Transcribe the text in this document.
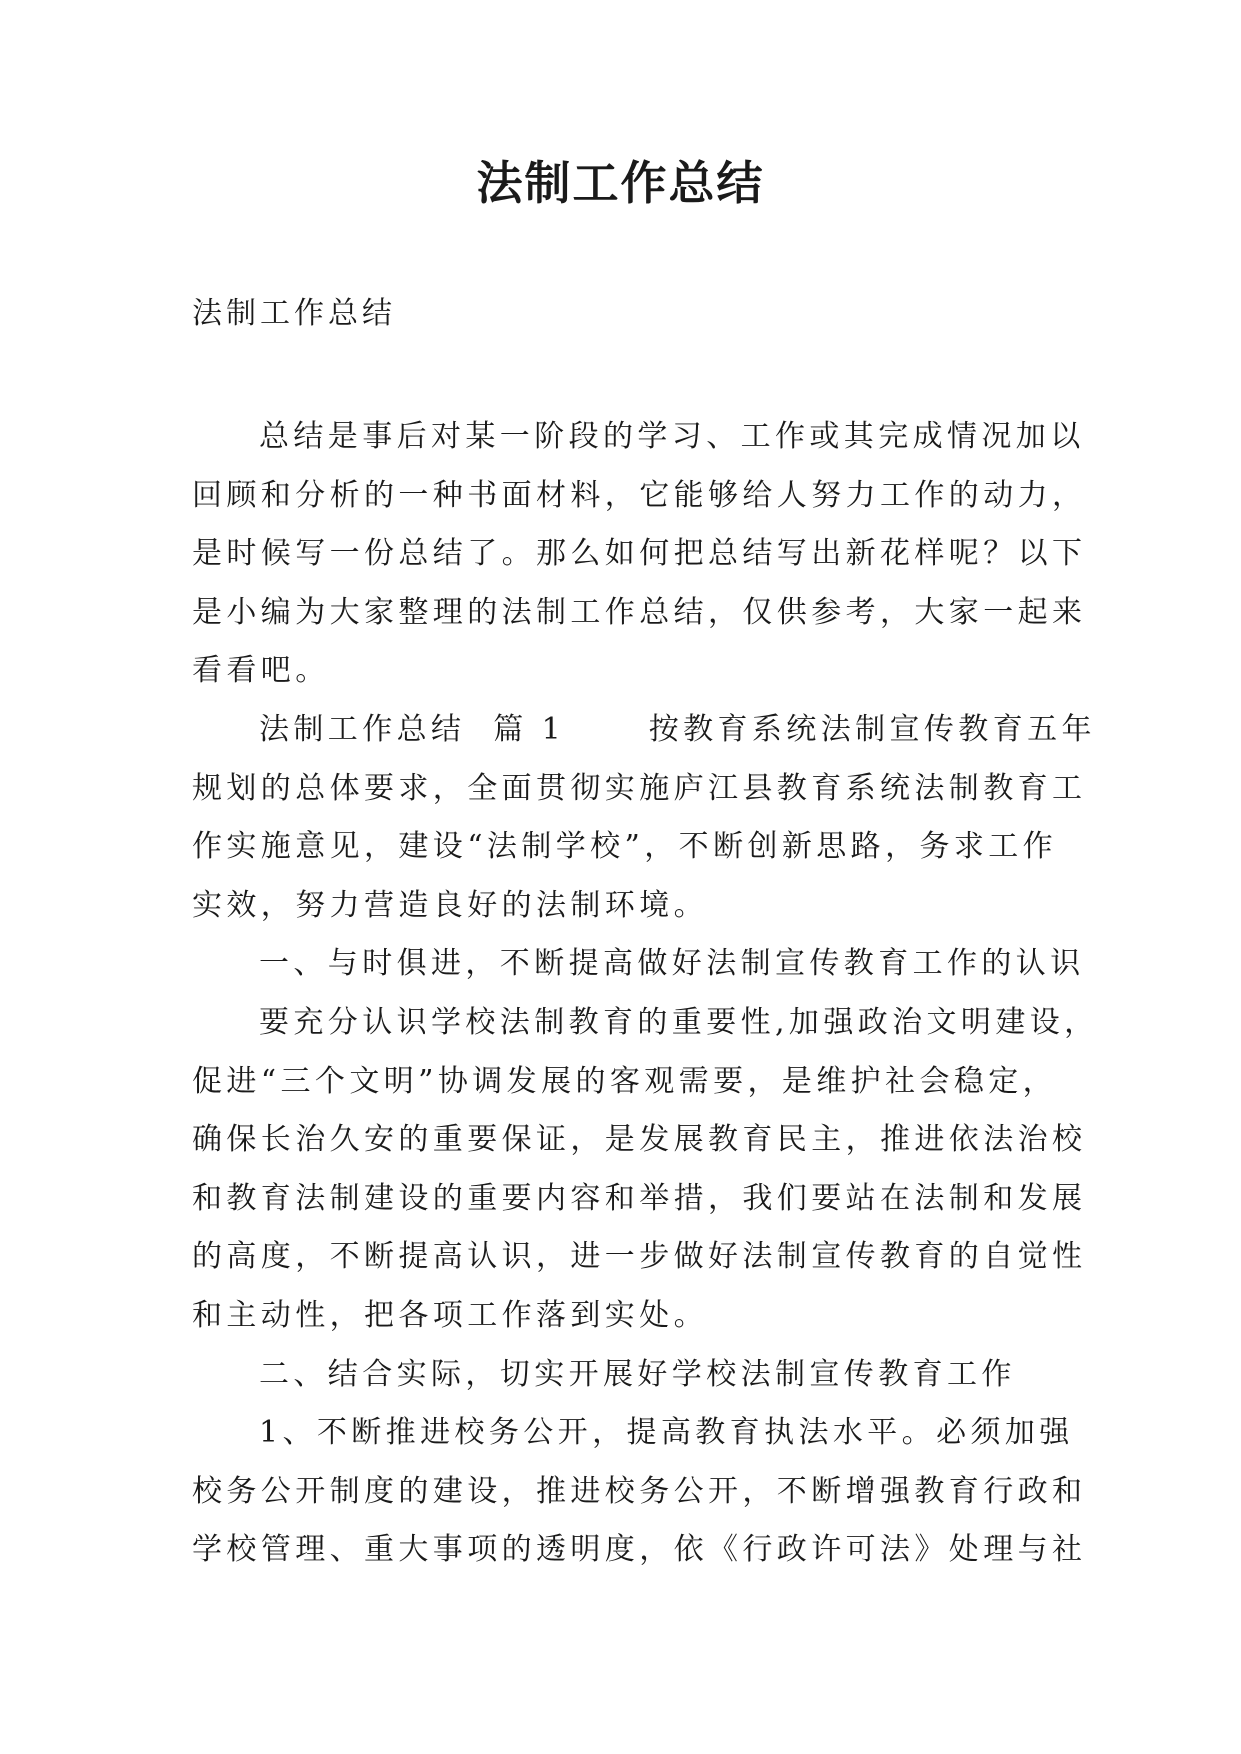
法制工作总结

法制工作总结

总结是事后对某一阶段的学习、工作或其完成情况加以
回顾和分析的一种书面材料，它能够给人努力工作的动力，
是时候写一份总结了。那么如何把总结写出新花样呢？以下
是小编为大家整理的法制工作总结，仅供参考，大家一起来
看看吧。
法制工作总结  篇 1      按教育系统法制宣传教育五年
规划的总体要求，全面贯彻实施庐江县教育系统法制教育工
作实施意见，建设“法制学校”，不断创新思路，务求工作
实效，努力营造良好的法制环境。
一、与时俱进，不断提高做好法制宣传教育工作的认识
要充分认识学校法制教育的重要性,加强政治文明建设，
促进“三个文明”协调发展的客观需要，是维护社会稳定，
确保长治久安的重要保证，是发展教育民主，推进依法治校
和教育法制建设的重要内容和举措，我们要站在法制和发展
的高度，不断提高认识，进一步做好法制宣传教育的自觉性
和主动性，把各项工作落到实处。
二、结合实际，切实开展好学校法制宣传教育工作
1、不断推进校务公开，提高教育执法水平。必须加强
校务公开制度的建设，推进校务公开，不断增强教育行政和
学校管理、重大事项的透明度，依《行政许可法》处理与社
